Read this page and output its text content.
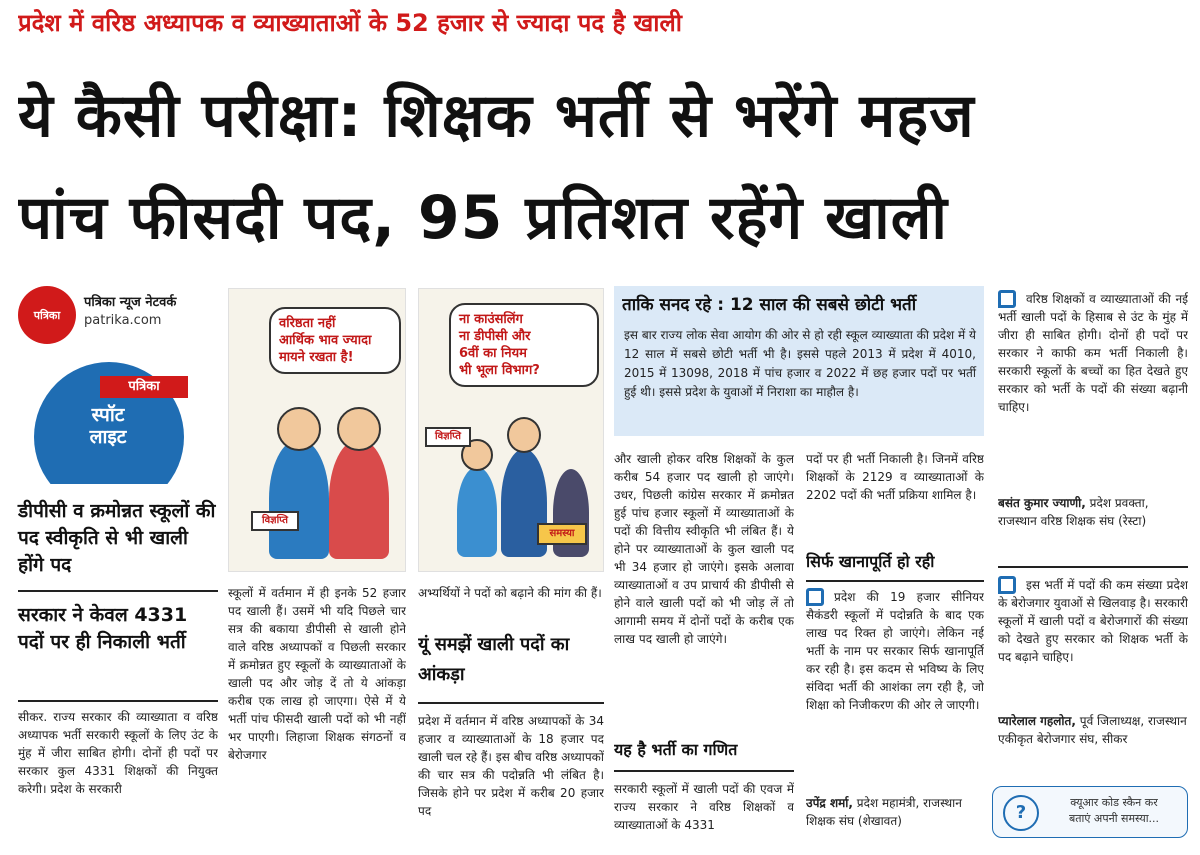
प्रदेश में वरिष्ठ अध्यापक व व्याख्याताओं के 52 हजार से ज्यादा पद है खाली
ये कैसी परीक्षा: शिक्षक भर्ती से भरेंगे महज
पांच फीसदी पद, 95 प्रतिशत रहेंगे खाली
पत्रिका
पत्रिका न्यूज नेटवर्क
patrika.com
पत्रिका
स्पॉट
लाइट
डीपीसी व क्रमोन्नत स्कूलों की पद स्वीकृति से भी खाली होंगे पद
सरकार ने केवल 4331 पदों पर ही निकाली भर्ती
सीकर. राज्य सरकार की व्याख्याता व वरिष्ठ अध्यापक भर्ती सरकारी स्कूलों के लिए उंट के मुंह में जीरा साबित होगी। दोनों ही पदों पर सरकार कुल 4331 शिक्षकों की नियुक्त करेगी। प्रदेश के सरकारी
वरिष्ठता नहीं
आर्थिक भाव ज्यादा
मायने रखता है!
विज्ञप्ति
ना काउंसलिंग
ना डीपीसी और
6वीं का नियम
भी भूला विभाग?
विज्ञप्ति
समस्या
स्कूलों में वर्तमान में ही इनके 52 हजार पद खाली हैं। उसमें भी यदि पिछले चार सत्र की बकाया डीपीसी से खाली होने वाले वरिष्ठ अध्यापकों व पिछली सरकार में क्रमोन्नत हुए स्कूलों के व्याख्याताओं के खाली पद और जोड़ दें तो ये आंकड़ा करीब एक लाख हो जाएगा। ऐसे में ये भर्ती पांच फीसदी खाली पदों को भी नहीं भर पाएगी। लिहाजा शिक्षक संगठनों व बेरोजगार
अभ्यर्थियों ने पदों को बढ़ाने की मांग की हैं।
यूं समझें खाली पदों का आंकड़ा
प्रदेश में वर्तमान में वरिष्ठ अध्यापकों के 34 हजार व व्याख्याताओं के 18 हजार पद खाली चल रहे हैं। इस बीच वरिष्ठ अध्यापकों की चार सत्र की पदोन्नति भी लंबित है। जिसके होने पर प्रदेश में करीब 20 हजार पद
ताकि सनद रहे : 12 साल की सबसे छोटी भर्ती
इस बार राज्य लोक सेवा आयोग की ओर से हो रही स्कूल व्याख्याता की प्रदेश में ये 12 साल में सबसे छोटी भर्ती भी है। इससे पहले 2013 में प्रदेश में 4010, 2015 में 13098, 2018 में पांच हजार व 2022 में छह हजार पदों पर भर्ती हुई थी। इससे प्रदेश के युवाओं में निराशा का माहौल है।
और खाली होकर वरिष्ठ शिक्षकों के कुल करीब 54 हजार पद खाली हो जाएंगे। उधर, पिछली कांग्रेस सरकार में क्रमोन्नत हुई पांच हजार स्कूलों में व्याख्याताओं के पदों की वित्तीय स्वीकृति भी लंबित हैं। ये होने पर व्याख्याताओं के कुल खाली पद भी 34 हजार हो जाएंगे। इसके अलावा व्याख्याताओं व उप प्राचार्य की डीपीसी से होने वाले खाली पदों को भी जोड़ लें तो आगामी समय में दोनों पदों के करीब एक लाख पद खाली हो जाएंगे।
यह है भर्ती का गणित
सरकारी स्कूलों में खाली पदों की एवज में राज्य सरकार ने वरिष्ठ शिक्षकों व व्याख्याताओं के 4331
पदों पर ही भर्ती निकाली है। जिनमें वरिष्ठ शिक्षकों के 2129 व व्याख्याताओं के 2202 पदों की भर्ती प्रक्रिया शामिल है।
सिर्फ खानापूर्ति हो रही
प्रदेश की 19 हजार सीनियर सैकंडरी स्कूलों में पदोन्नति के बाद एक लाख पद रिक्त हो जाएंगे। लेकिन नई भर्ती के नाम पर सरकार सिर्फ खानापूर्ति कर रही है। इस कदम से भविष्य के लिए संविदा भर्ती की आशंका लग रही है, जो शिक्षा को निजीकरण की ओर ले जाएगी।
उपेंद्र शर्मा, प्रदेश महामंत्री, राजस्थान शिक्षक संघ (शेखावत)
वरिष्ठ शिक्षकों व व्याख्याताओं की नई भर्ती खाली पदों के हिसाब से उंट के मुंह में जीरा ही साबित होगी। दोनों ही पदों पर सरकार ने काफी कम भर्ती निकाली है। सरकारी स्कूलों के बच्चों का हित देखते हुए सरकार को भर्ती के पदों की संख्या बढ़ानी चाहिए।
बसंत कुमार ज्याणी, प्रदेश प्रवक्ता, राजस्थान वरिष्ठ शिक्षक संघ (रेस्टा)
इस भर्ती में पदों की कम संख्या प्रदेश के बेरोजगार युवाओं से खिलवाड़ है। सरकारी स्कूलों में खाली पदों व बेरोजगारों की संख्या को देखते हुए सरकार को शिक्षक भर्ती के पद बढ़ाने चाहिए।
प्यारेलाल गहलोत, पूर्व जिलाध्यक्ष, राजस्थान एकीकृत बेरोजगार संघ, सीकर
?	क्यूआर कोड स्कैन कर
बताएं अपनी समस्या...
